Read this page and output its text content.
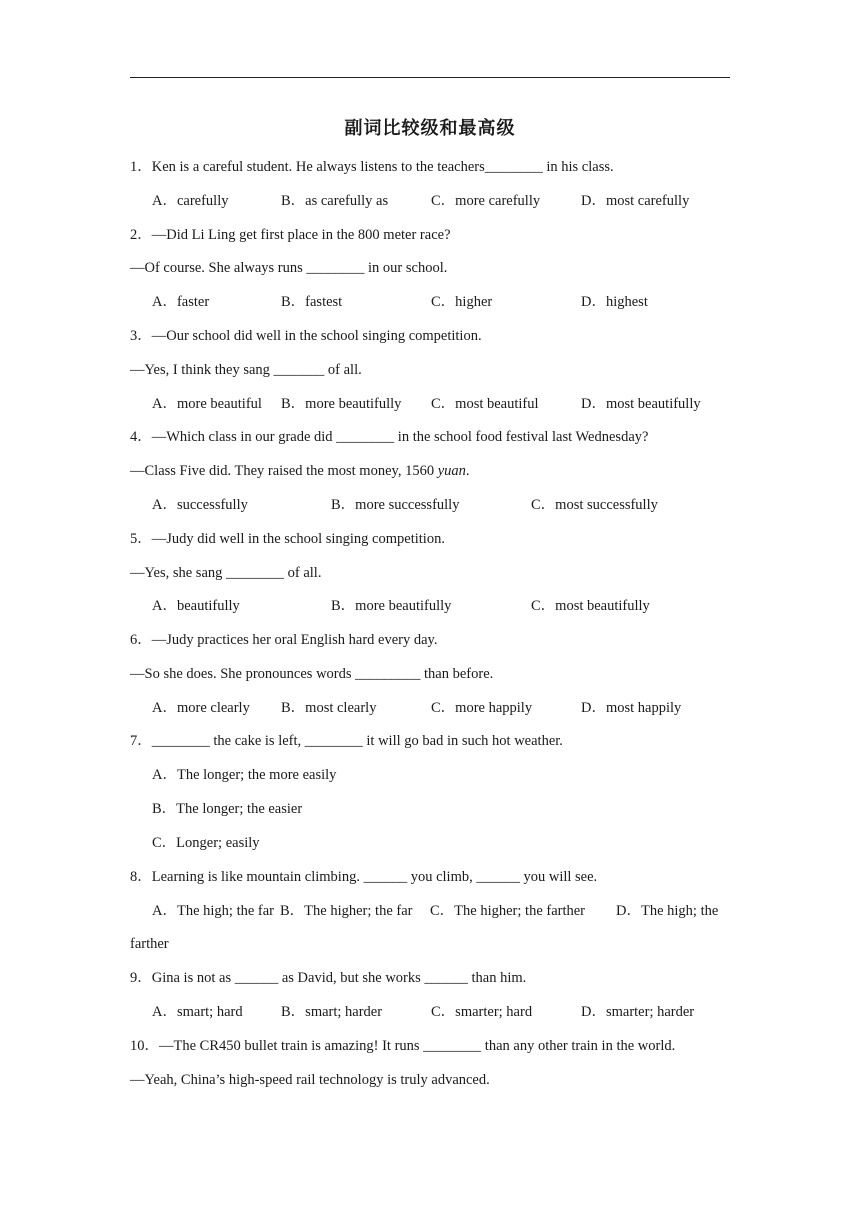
副词比较级和最高级
1．Ken is a careful student. He always listens to the teachers________ in his class.
A．carefully	B．as carefully as	C．more carefully	D．most carefully
2．—Did Li Ling get first place in the 800 meter race?
—Of course. She always runs ________ in our school.
A．faster	B．fastest	C．higher	D．highest
3．—Our school did well in the school singing competition.
—Yes, I think they sang _______ of all.
A．more beautiful B．more beautifully C．most beautiful	D．most beautifully
4．—Which class in our grade did ________ in the school food festival last Wednesday?
—Class Five did. They raised the most money, 1560 yuan.
A．successfully	B．more successfully	C．most successfully
5．—Judy did well in the school singing competition.
—Yes, she sang ________ of all.
A．beautifully	B．more beautifully	C．most beautifully
6．—Judy practices her oral English hard every day.
—So she does. She pronounces words _________ than before.
A．more clearly B．most clearly	C．more happily	D．most happily
7．________ the cake is left, ________ it will go bad in such hot weather.
A．The longer; the more easily
B．The longer; the easier
C．Longer; easily
8．Learning is like mountain climbing. ______ you climb, ______ you will see.
A．The high; the far B．The higher; the far C．The higher; the farther D．The high; the
farther
9．Gina is not as ______ as David, but she works ______ than him.
A．smart; hard	B．smart; harder	C．smarter; hard	D．smarter; harder
10．—The CR450 bullet train is amazing! It runs ________ than any other train in the world.
—Yeah, China’s high-speed rail technology is truly advanced.
